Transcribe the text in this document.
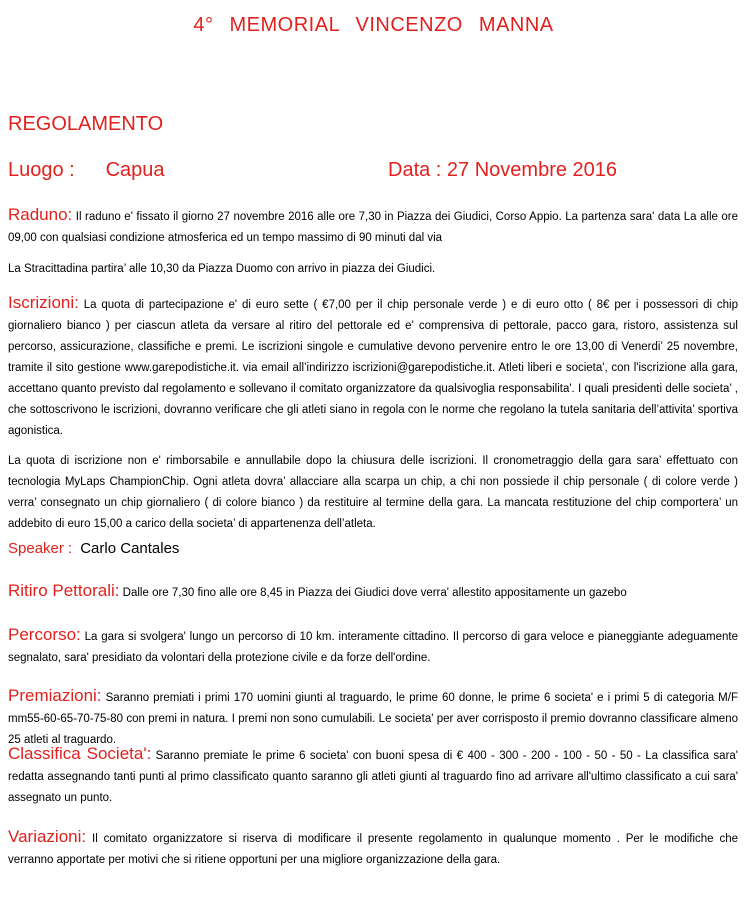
4° MEMORIAL VINCENZO MANNA
REGOLAMENTO
Luogo : Capua	Data : 27 Novembre 2016

Raduno: Il raduno e' fissato il giorno 27 novembre 2016 alle ore 7,30 in Piazza dei Giudici, Corso Appio. La partenza sara' data La alle ore 09,00 con qualsiasi condizione atmosferica ed un tempo massimo di 90 minuti dal via

La Stracittadina partira’ alle 10,30 da Piazza Duomo con arrivo in piazza dei Giudici.

Iscrizioni: La quota di partecipazione e' di euro sette ( €7,00 per il chip personale verde ) e di euro otto ( 8€ per i possessori di chip giornaliero bianco ) per ciascun atleta da versare al ritiro del pettorale ed e' comprensiva di pettorale, pacco gara, ristoro, assistenza sul percorso, assicurazione, classifiche e premi. Le iscrizioni singole e cumulative devono pervenire entro le ore 13,00 di Venerdi’ 25 novembre, tramite il sito gestione www.garepodistiche.it. via email all’indirizzo iscrizioni@garepodistiche.it. Atleti liberi e societa', con l'iscrizione alla gara, accettano quanto previsto dal regolamento e sollevano il comitato organizzatore da qualsivoglia responsabilita'. I quali presidenti delle societa’ , che sottoscrivono le iscrizioni, dovranno verificare che gli atleti siano in regola con le norme che regolano la tutela sanitaria dell’attivita’ sportiva agonistica.

La quota di iscrizione non e' rimborsabile e annullabile dopo la chiusura delle iscrizioni. Il cronometraggio della gara sara’ effettuato con tecnologia MyLaps ChampionChip. Ogni atleta dovra’ allacciare alla scarpa un chip, a chi non possiede il chip personale ( di colore verde ) verra’ consegnato un chip giornaliero ( di colore bianco ) da restituire al termine della gara. La mancata restituzione del chip comportera’ un addebito di euro 15,00 a carico della societa’ di appartenenza dell’atleta.

Speaker : Carlo Cantales

Ritiro Pettorali: Dalle ore 7,30 fino alle ore 8,45 in Piazza dei Giudici dove verra' allestito appositamente un gazebo

Percorso: La gara si svolgera' lungo un percorso di 10 km. interamente cittadino. Il percorso di gara veloce e pianeggiante adeguamente segnalato, sara' presidiato da volontari della protezione civile e da forze dell'ordine.

Premiazioni: Saranno premiati i primi 170 uomini giunti al traguardo, le prime 60 donne, le prime 6 societa' e i primi 5 di categoria M/F mm55-60-65-70-75-80 con premi in natura. I premi non sono cumulabili. Le societa' per aver corrisposto il premio dovranno classificare almeno 25 atleti al traguardo.

Classifica Societa': Saranno premiate le prime 6 societa' con buoni spesa di € 400 - 300 - 200 - 100 - 50 - 50 - La classifica sara' redatta assegnando tanti punti al primo classificato quanto saranno gli atleti giunti al traguardo fino ad arrivare all'ultimo classificato a cui sara' assegnato un punto.

Variazioni: Il comitato organizzatore si riserva di modificare il presente regolamento in qualunque momento . Per le modifiche che verranno apportate per motivi che si ritiene opportuni per una migliore organizzazione della gara.
